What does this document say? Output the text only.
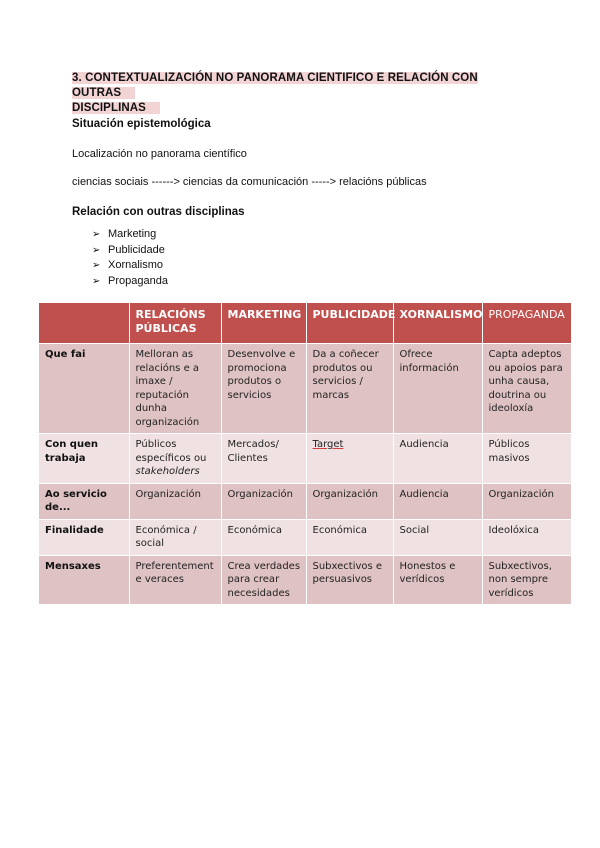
3. CONTEXTUALIZACIÓN NO PANORAMA CIENTIFICO E RELACIÓN CON OUTRAS
DISCIPLINAS
Situación epistemológica
Localización no panorama científico
ciencias sociais ------> ciencias da comunicación -----> relacións públicas
Relación con outras disciplinas
➢ Marketing
➢ Publicidade
➢ Xornalismo
➢ Propaganda
	RELACIÓNS PÚBLICAS	MARKETING	PUBLICIDADE	XORNALISMO	PROPAGANDA
Que fai	Melloran as relacións e a imaxe / reputación dunha organización	Desenvolve e promociona produtos o servicios	Da a coñecer produtos ou servicios / marcas	Ofrece información	Capta adeptos ou apoios para unha causa, doutrina ou ideoloxía
Con quen trabaja	Públicos específicos ou stakeholders	Mercados/ Clientes	Target	Audiencia	Públicos masivos
Ao servicio de...	Organización	Organización	Organización	Audiencia	Organización
Finalidade	Económica / social	Económica	Económica	Social	Ideolóxica
Mensaxes	Preferentement e veraces	Crea verdades para crear necesidades	Subxectivos e persuasivos	Honestos e verídicos	Subxectivos, non sempre verídicos
